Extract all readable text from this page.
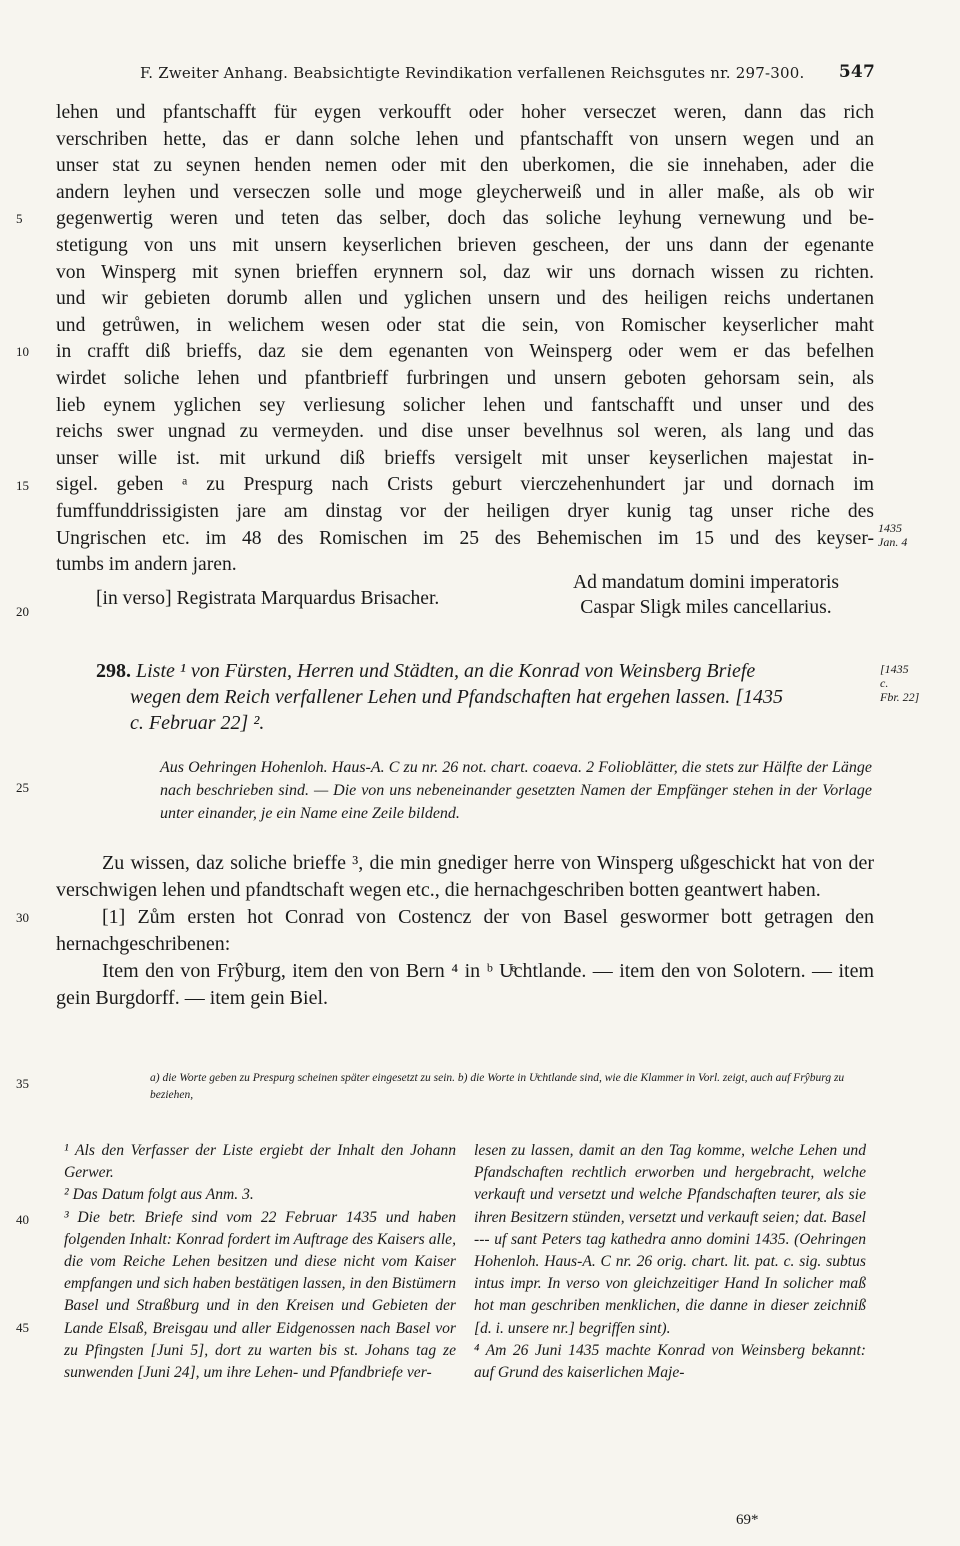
F. Zweiter Anhang. Beabsichtigte Revindikation verfallenen Reichsgutes nr. 297-300. 547

lehen und pfantschafft für eygen verkoufft oder hoher verseczet weren, dann das rich

verschriben hette, das er dann solche lehen und pfantschafft von unsern wegen und an

unser stat zu seynen henden nemen oder mit den uberkomen, die sie innehaben, ader die

andern leyhen und verseczen solle und moge gleycherweiß und in aller maße, als ob wir

gegenwertig weren und teten das selber, doch das soliche leyhung vernewung und be-

stetigung von uns mit unsern keyserlichen brieven gescheen, der uns dann der egenante

von Winsperg mit synen brieffen erynnern sol, daz wir uns dornach wissen zu richten.

und wir gebieten dorumb allen und yglichen unsern und des heiligen reichs undertanen

und getrůwen, in welichem wesen oder stat die sein, von Romischer keyserlicher maht

in crafft diß brieffs, daz sie dem egenanten von Weinsperg oder wem er das befelhen

wirdet soliche lehen und pfantbrieff furbringen und unsern geboten gehorsam sein, als

lieb eynem yglichen sey verliesung solicher lehen und fantschafft und unser und des

reichs swer ungnad zu vermeyden. und dise unser bevelhnus sol weren, als lang und das

unser wille ist. mit urkund diß brieffs versigelt mit unser keyserlichen majestat in-

sigel. geben ᵃ zu Prespurg nach Crists geburt vierczehenhundert jar und dornach im

fumffunddrissigisten jare am dinstag vor der heiligen dryer kunig tag unser riche des

Ungrischen etc. im 48 des Romischen im 25 des Behemischen im 15 und des keyser-

tumbs im andern jaren.

5
10
15
20
1435
Jan. 4
[in verso] Registrata Marquardus Brisacher.
Ad mandatum domini imperatoris
Caspar Sligk miles cancellarius.
298. Liste ¹ von Fürsten, Herren und Städten, an die Konrad von Weinsberg Briefe
wegen dem Reich verfallener Lehen und Pfandschaften hat ergehen lassen. [1435
c. Februar 22] ².
[1435
c.
Fbr. 22]
Aus Oehringen Hohenloh. Haus-A. C zu nr. 26 not. chart. coaeva. 2 Folioblätter, die stets zur Hälfte der Länge nach beschrieben sind. — Die von uns nebeneinander gesetzten Namen der Empfänger stehen in der Vorlage unter einander, je ein Name eine Zeile bildend.
25
30
35
40
45

Zu wissen, daz soliche brieffe ³, die min gnediger herre von Winsperg ußgeschickt hat von der verschwigen lehen und pfandtschaft wegen etc., die hernachgeschriben botten geantwert haben.

[1] Zům ersten hot Conrad von Costencz der von Basel geswormer bott getragen den hernachgeschribenen:

Item den von Frŷburg, item den von Bern ⁴ in ᵇ Uͤchtlande. — item den von Solotern. — item gein Burgdorff. — item gein Biel.

a) die Worte geben zu Prespurg scheinen später eingesetzt zu sein. b) die Worte in Uͤchtlande sind, wie die Klammer in Vorl. zeigt, auch auf Frŷburg zu beziehen,

¹ Als den Verfasser der Liste ergiebt der Inhalt den Johann Gerwer.

² Das Datum folgt aus Anm. 3.

³ Die betr. Briefe sind vom 22 Februar 1435 und haben folgenden Inhalt: Konrad fordert im Auftrage des Kaisers alle, die vom Reiche Lehen besitzen und diese nicht vom Kaiser empfangen und sich haben bestätigen lassen, in den Bistümern Basel und Straßburg und in den Kreisen und Gebieten der Lande Elsaß, Breisgau und aller Eidgenossen nach Basel vor zu Pfingsten [Juni 5], dort zu warten bis st. Johans tag ze sunwenden [Juni 24], um ihre Lehen- und Pfandbriefe ver-

lesen zu lassen, damit an den Tag komme, welche Lehen und Pfandschaften rechtlich erworben und hergebracht, welche verkauft und versetzt und welche Pfandschaften teurer, als sie ihren Besitzern stünden, versetzt und verkauft seien; dat. Basel --- uf sant Peters tag kathedra anno domini 1435. (Oehringen Hohenloh. Haus-A. C nr. 26 orig. chart. lit. pat. c. sig. subtus intus impr. In verso von gleichzeitiger Hand In solicher maß hot man geschriben menklichen, die danne in dieser zeichniß [d. i. unsere nr.] begriffen sint).

⁴ Am 26 Juni 1435 machte Konrad von Weinsberg bekannt: auf Grund des kaiserlichen Maje-

69*
